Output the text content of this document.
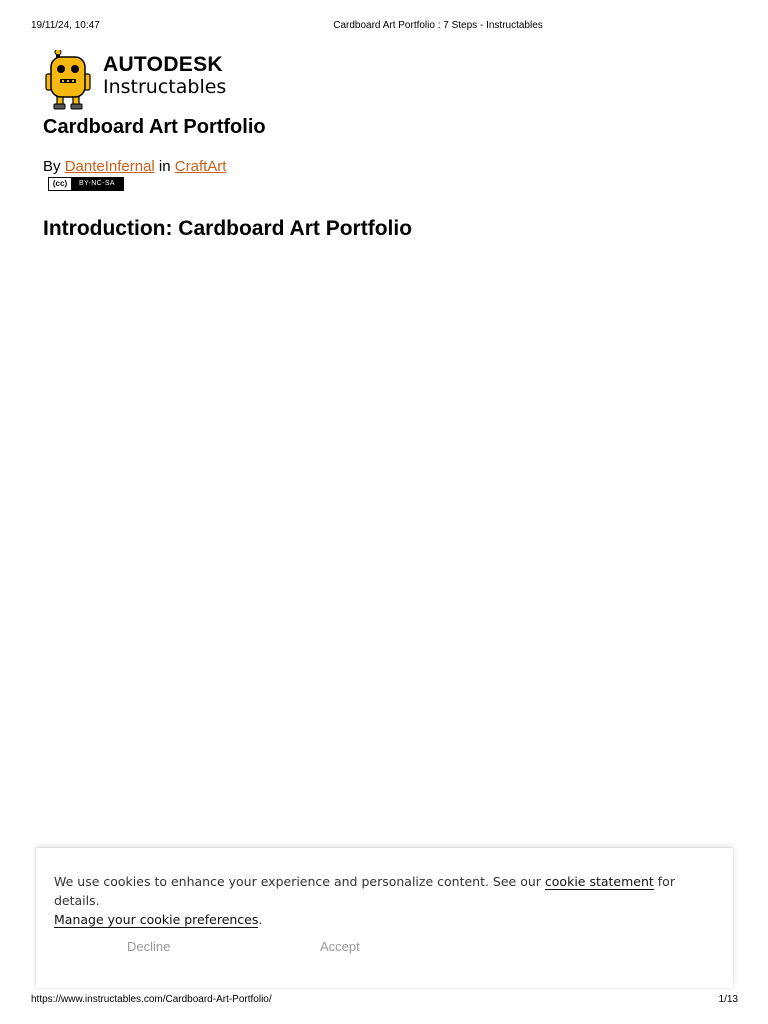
19/11/24, 10:47	Cardboard Art Portfolio : 7 Steps - Instructables
AUTODESK
Instructables
Cardboard Art Portfolio
By DanteInfernal in CraftArt
(cc)	BY-NC-SA
Introduction: Cardboard Art Portfolio
We use cookies to enhance your experience and personalize content. See our cookie statement for details.
Manage your cookie preferences.
Decline	Accept
https://www.instructables.com/Cardboard-Art-Portfolio/	1/13
